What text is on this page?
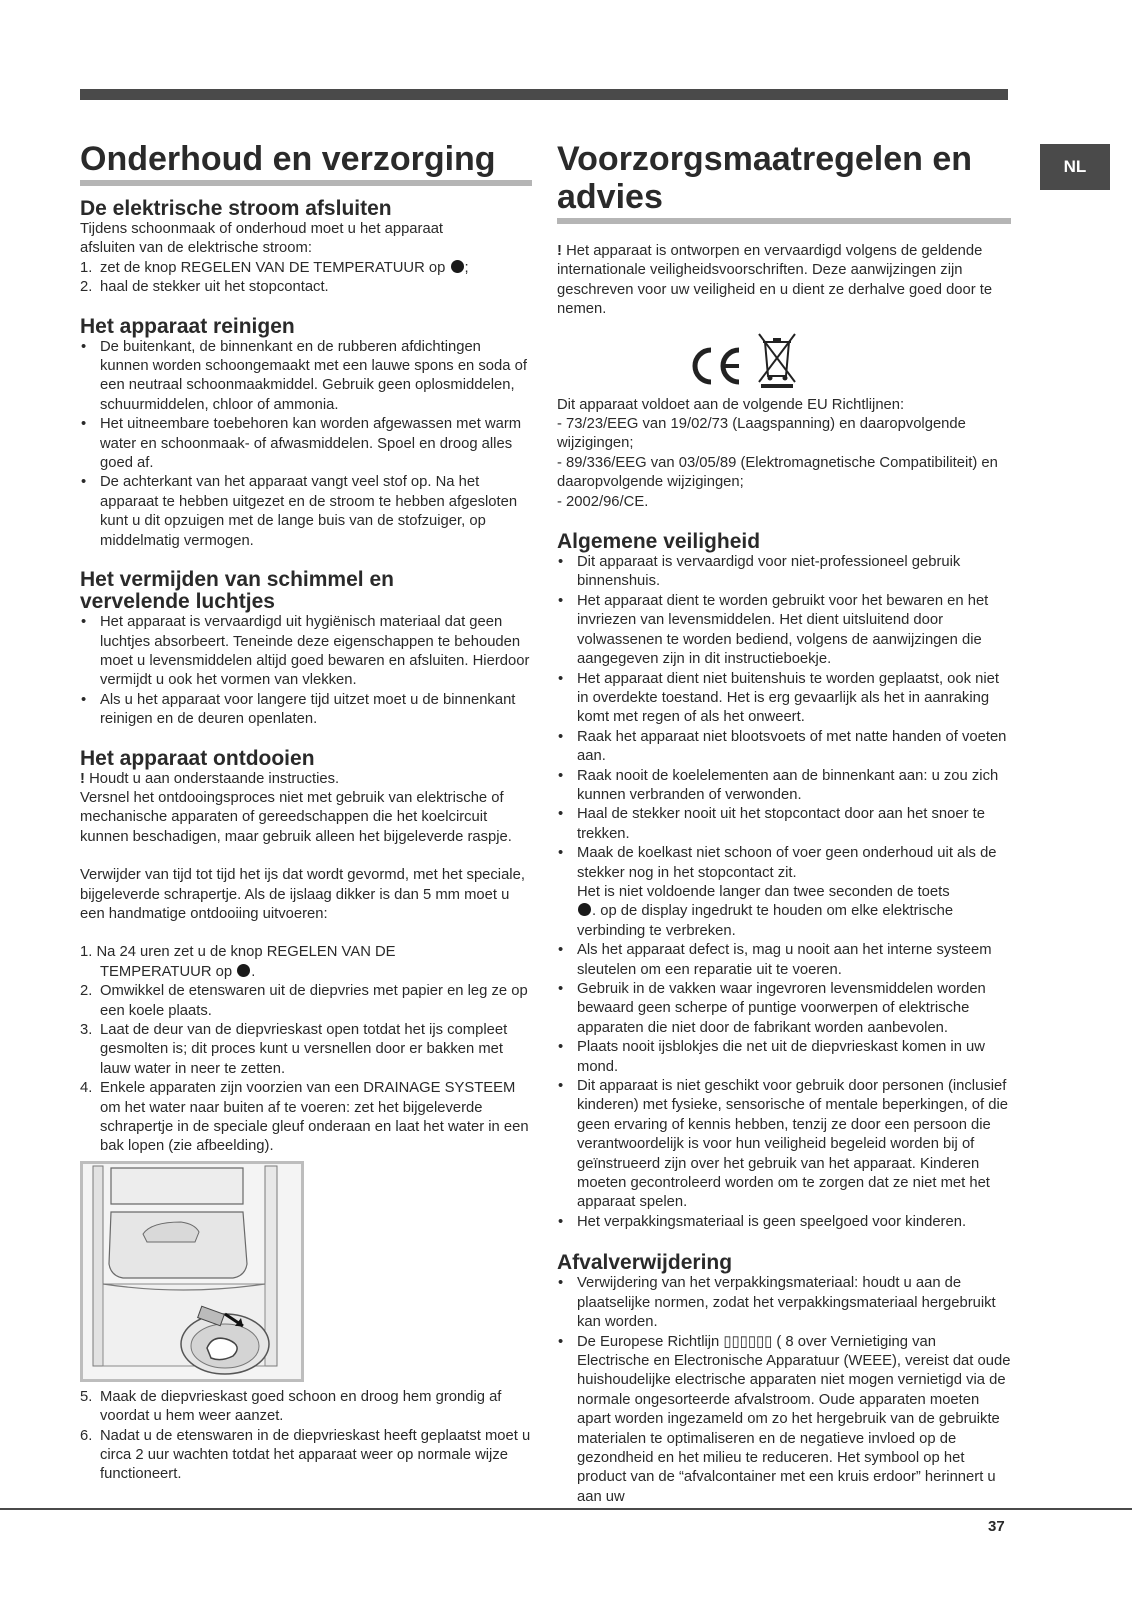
NL
Onderhoud en verzorging
De elektrische stroom afsluiten

Tijdens schoonmaak of onderhoud moet u het apparaat

afsluiten van de elektrische stroom:

1. zet de knop REGELEN VAN DE TEMPERATUUR op ;
2. haal de stekker uit het stopcontact.
Het apparaat reinigen
• De buitenkant, de binnenkant en de rubberen afdichtingen kunnen worden schoongemaakt met een lauwe spons en soda of een neutraal schoonmaakmiddel. Gebruik geen oplosmiddelen, schuurmiddelen, chloor of ammonia.
• Het uitneembare toebehoren kan worden afgewassen met warm water en schoonmaak- of afwasmiddelen. Spoel en droog alles goed af.
• De achterkant van het apparaat vangt veel stof op. Na het apparaat te hebben uitgezet en de stroom te hebben afgesloten kunt u dit opzuigen met de lange buis van de stofzuiger, op middelmatig vermogen.
Het vermijden van schimmel en
vervelende luchtjes
• Het apparaat is vervaardigd uit hygiënisch materiaal dat geen luchtjes absorbeert. Teneinde deze eigenschappen te behouden moet u levensmiddelen altijd goed bewaren en afsluiten. Hierdoor vermijdt u ook het vormen van vlekken.
• Als u het apparaat voor langere tijd uitzet moet u de binnenkant reinigen en de deuren openlaten.
Het apparaat ontdooien

! Houdt u aan onderstaande instructies.

Versnel het ontdooingsproces niet met gebruik van elektrische of mechanische apparaten of gereedschappen die het koelcircuit kunnen beschadigen, maar gebruik alleen het bijgeleverde raspje.

Verwijder van tijd tot tijd het ijs dat wordt gevormd, met het speciale, bijgeleverde schrapertje. Als de ijslaag dikker is dan 5 mm moet u een handmatige ontdooiing uitvoeren:

1. Na 24 uren zet u de knop REGELEN VAN DE

TEMPERATUUR op .

2. Omwikkel de etenswaren uit de diepvries met papier en leg ze op een koele plaats.
3. Laat de deur van de diepvrieskast open totdat het ijs compleet gesmolten is; dit proces kunt u versnellen door er bakken met lauw water in neer te zetten.
4. Enkele apparaten zijn voorzien van een DRAINAGE SYSTEEM om het water naar buiten af te voeren: zet het bijgeleverde schrapertje in de speciale gleuf onderaan en laat het water in een bak lopen (zie afbeelding).
5. Maak de diepvrieskast goed schoon en droog hem grondig af voordat u hem weer aanzet.
6. Nadat u de etenswaren in de diepvrieskast heeft geplaatst moet u circa 2 uur wachten totdat het apparaat weer op normale wijze functioneert.
Voorzorgsmaatregelen en
advies

! Het apparaat is ontworpen en vervaardigd volgens de geldende internationale veiligheidsvoorschriften. Deze aanwijzingen zijn geschreven voor uw veiligheid en u dient ze derhalve goed door te nemen.

Dit apparaat voldoet aan de volgende EU Richtlijnen:

- 73/23/EEG van 19/02/73 (Laagspanning) en daaropvolgende wijzigingen;

- 89/336/EEG van 03/05/89 (Elektromagnetische Compatibiliteit) en daaropvolgende wijzigingen;

- 2002/96/CE.

Algemene veiligheid
• Dit apparaat is vervaardigd voor niet-professioneel gebruik binnenshuis.
• Het apparaat dient te worden gebruikt voor het bewaren en het invriezen van levensmiddelen. Het dient uitsluitend door volwassenen te worden bediend, volgens de aanwijzingen die aangegeven zijn in dit instructieboekje.
• Het apparaat dient niet buitenshuis te worden geplaatst, ook niet in overdekte toestand. Het is erg gevaarlijk als het in aanraking komt met regen of als het onweert.
• Raak het apparaat niet blootsvoets of met natte handen of voeten aan.
• Raak nooit de koelelementen aan de binnenkant aan: u zou zich kunnen verbranden of verwonden.
• Haal de stekker nooit uit het stopcontact door aan het snoer te trekken.
• Maak de koelkast niet schoon of voer geen onderhoud uit als de stekker nog in het stopcontact zit.
Het is niet voldoende langer dan twee seconden de toets
. op de display ingedrukt te houden om elke elektrische verbinding te verbreken.
• Als het apparaat defect is, mag u nooit aan het interne systeem sleutelen om een reparatie uit te voeren.
• Gebruik in de vakken waar ingevroren levensmiddelen worden bewaard geen scherpe of puntige voorwerpen of elektrische apparaten die niet door de fabrikant worden aanbevolen.
• Plaats nooit ijsblokjes die net uit de diepvrieskast komen in uw mond.
• Dit apparaat is niet geschikt voor gebruik door personen (inclusief kinderen) met fysieke, sensorische of mentale beperkingen, of die geen ervaring of kennis hebben, tenzij ze door een persoon die verantwoordelijk is voor hun veiligheid begeleid worden bij of geïnstrueerd zijn over het gebruik van het apparaat. Kinderen moeten gecontroleerd worden om te zorgen dat ze niet met het apparaat spelen.
• Het verpakkingsmateriaal is geen speelgoed voor kinderen.
Afvalverwijdering
• Verwijdering van het verpakkingsmateriaal: houdt u aan de plaatselijke normen, zodat het verpakkingsmateriaal hergebruikt kan worden.
• De Europese Richtlijn ▯▯▯▯▯▯ ( 8 over Vernietiging van Electrische en Electronische Apparatuur (WEEE), vereist dat oude huishoudelijke electrische apparaten niet mogen vernietigd via de normale ongesorteerde afvalstroom. Oude apparaten moeten apart worden ingezameld om zo het hergebruik van de gebruikte materialen te optimaliseren en de negatieve invloed op de gezondheid en het milieu te reduceren. Het symbool op het product van de “afvalcontainer met een kruis erdoor” herinnert u aan uw
37
